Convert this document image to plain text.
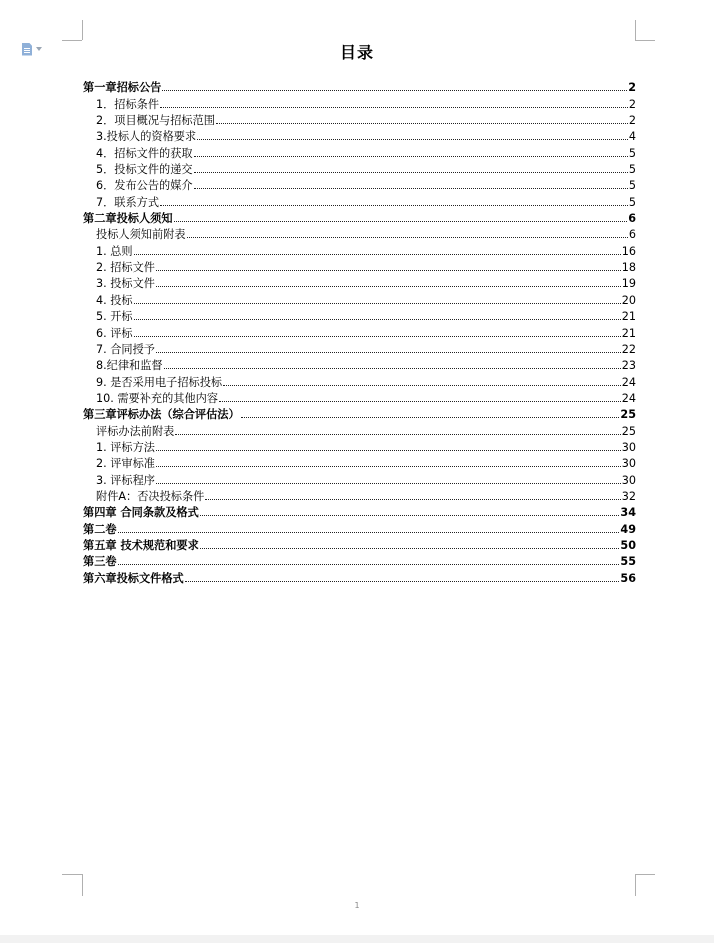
目录
第一章招标公告	2
1．招标条件	2
2．项目概况与招标范围	2
3.投标人的资格要求	4
4．招标文件的获取	5
5．投标文件的递交	5
6．发布公告的媒介	5
7．联系方式	5
第二章投标人须知	6
投标人须知前附表	6
1. 总则	16
2. 招标文件	18
3. 投标文件	19
4. 投标	20
5. 开标	21
6. 评标	21
7. 合同授予	22
8.纪律和监督	23
9. 是否采用电子招标投标	24
10. 需要补充的其他内容	24
第三章评标办法（综合评估法）	25
评标办法前附表	25
1. 评标方法	30
2. 评审标准	30
3. 评标程序	30
附件A：否决投标条件	32
第四章 合同条款及格式	34
第二卷	49
第五章 技术规范和要求	50
第三卷	55
第六章投标文件格式	56
1
